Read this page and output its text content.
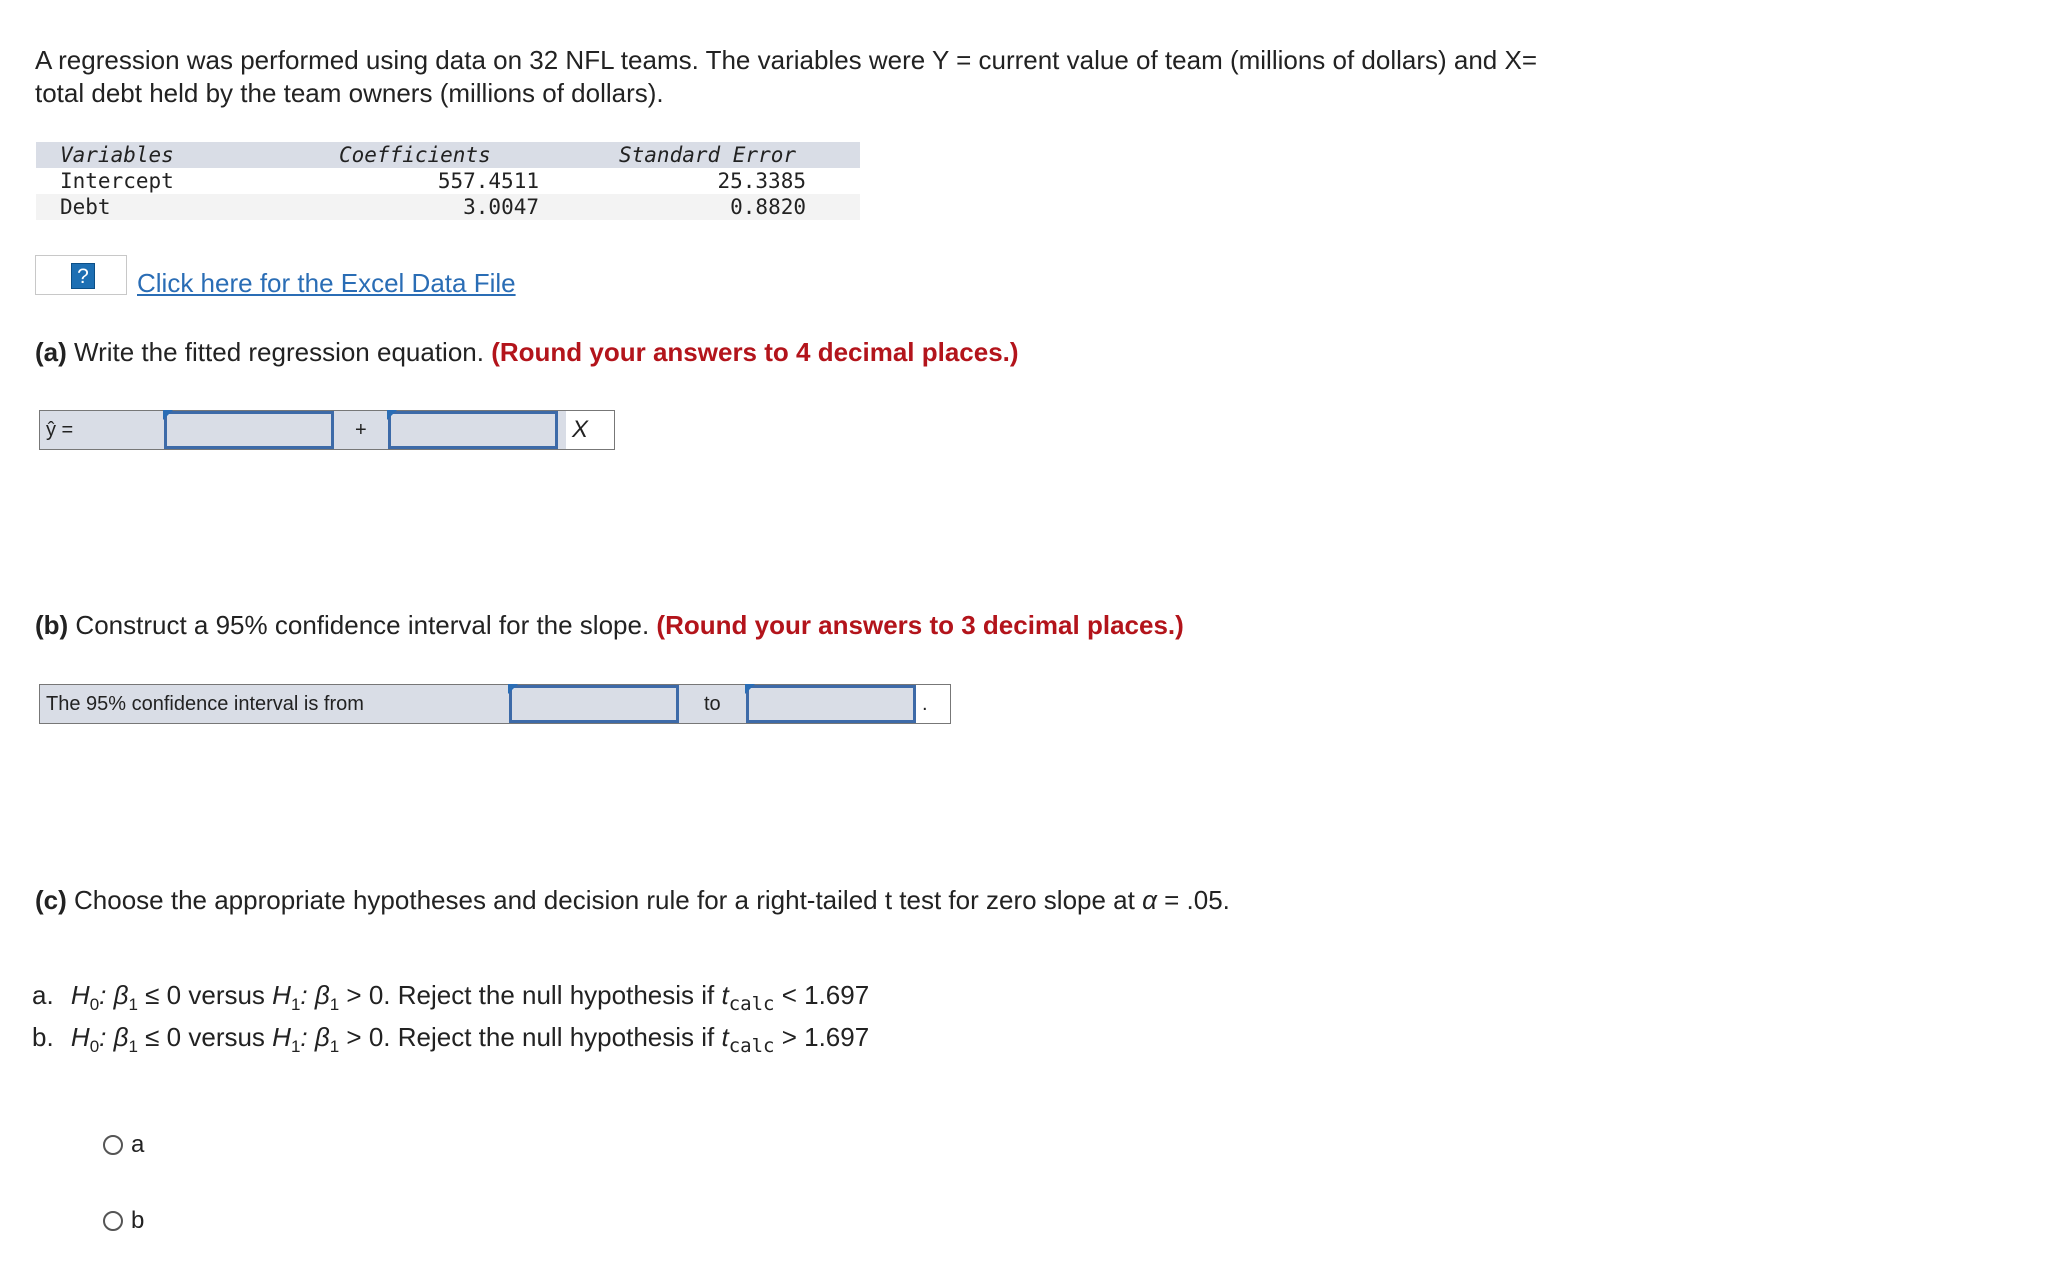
A regression was performed using data on 32 NFL teams. The variables were Y = current value of team (millions of dollars) and X=
total debt held by the team owners (millions of dollars).
Variables	Coefficients	Standard Error
Intercept	557.4511	25.3385
Debt	3.0047	0.8820
? Click here for the Excel Data File
(a) Write the fitted regression equation. (Round your answers to 4 decimal places.)
ŷ =	+	X
(b) Construct a 95% confidence interval for the slope. (Round your answers to 3 decimal places.)
The 95% confidence interval is from	to	.
(c) Choose the appropriate hypotheses and decision rule for a right-tailed t test for zero slope at α = .05.
a. $H_0$: $\beta_1 \le 0$ versus $H_1$: $\beta_1 > 0$. Reject the null hypothesis if $t_{calc} < 1.697$
b. $H_0$: $\beta_1 \le 0$ versus $H_1$: $\beta_1 > 0$. Reject the null hypothesis if $t_{calc} > 1.697$
a
b
